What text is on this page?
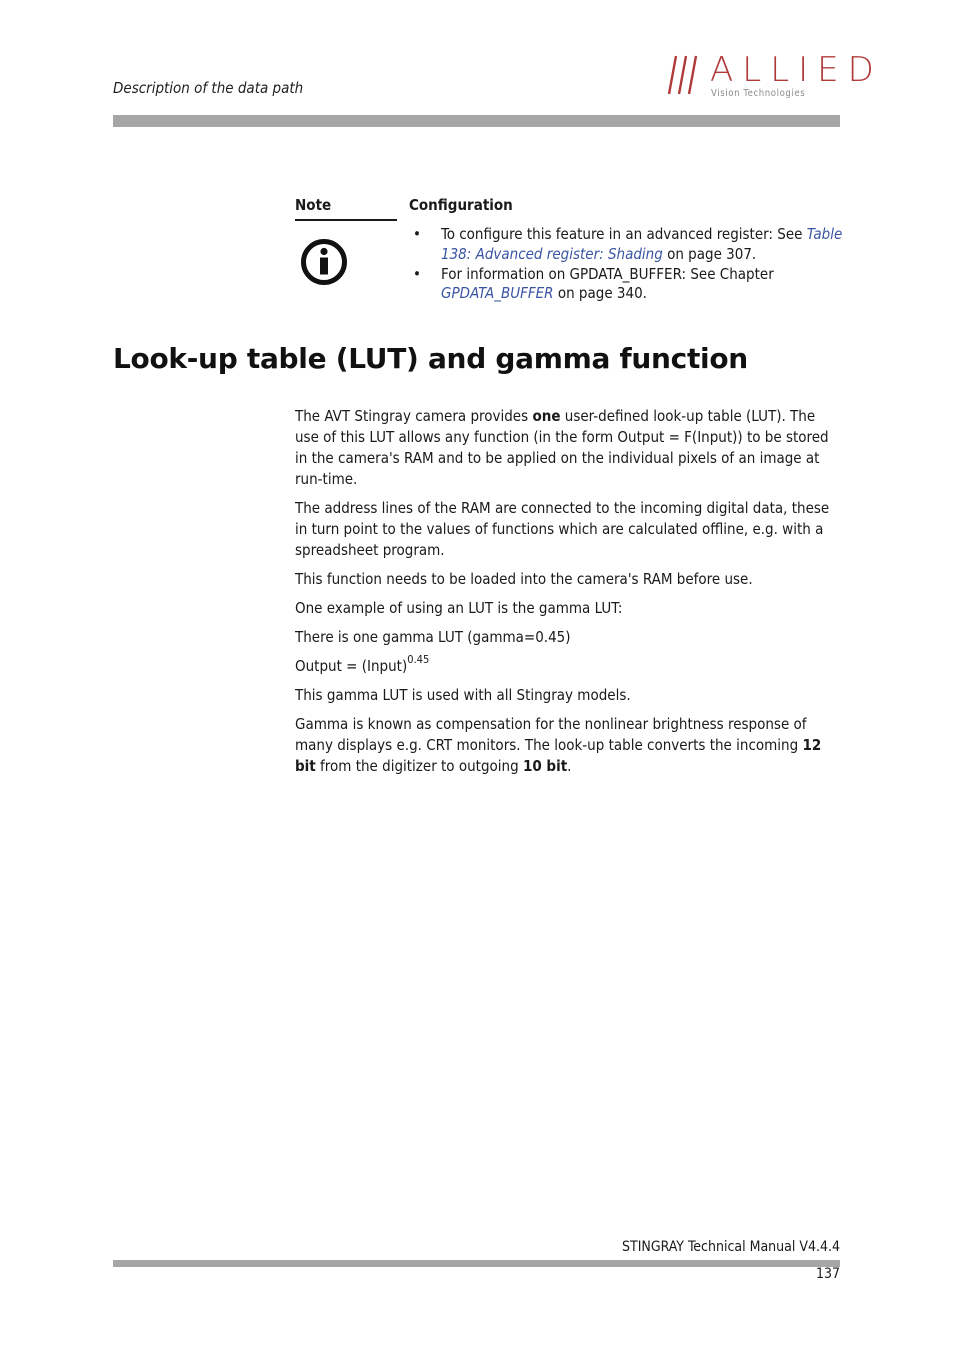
Description of the data path	ALLIED
Vision Technologies
Note	Configuration
• To configure this feature in an advanced register: See Table 138: Advanced register: Shading on page 307.
• For information on GPDATA_BUFFER: See Chapter GPDATA_BUFFER on page 340.
Look-up table (LUT) and gamma function

The AVT Stingray camera provides one user-defined look-up table (LUT). The use of this LUT allows any function (in the form Output = F(Input)) to be stored in the camera's RAM and to be applied on the individual pixels of an image at run-time.

The address lines of the RAM are connected to the incoming digital data, these in turn point to the values of functions which are calculated offline, e.g. with a spreadsheet program.

This function needs to be loaded into the camera's RAM before use.

One example of using an LUT is the gamma LUT:

There is one gamma LUT (gamma=0.45)

Output = (Input)$^{0.45}$

This gamma LUT is used with all Stingray models.

Gamma is known as compensation for the nonlinear brightness response of many displays e.g. CRT monitors. The look-up table converts the incoming 12 bit from the digitizer to outgoing 10 bit.

STINGRAY Technical Manual V4.4.4
137
